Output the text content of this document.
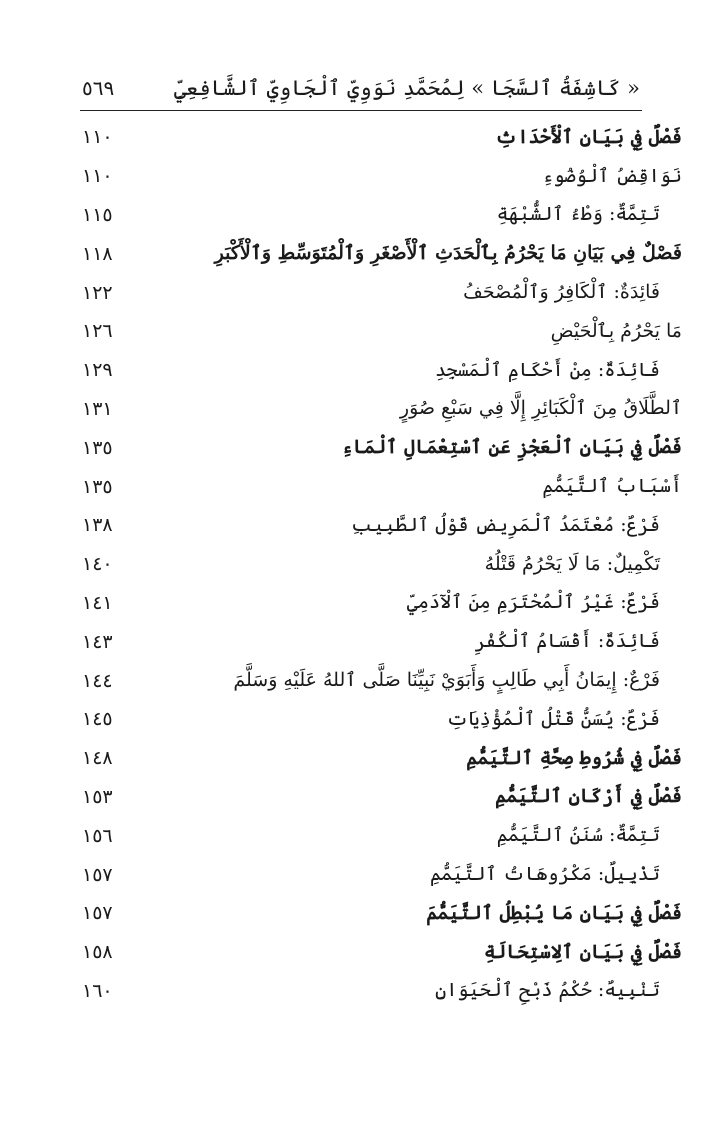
« كَاشِفَةُ ٱلسَّجَا » لِمُحَمَّدِ نَوَوِيِّ ٱلْجَاوِيِّ ٱلشَّافِعِيِّ
٥٦٩
فَصْلٌ فِي بَيَانِ ٱلْأَحْدَاثِ
١١٠
نَوَاقِضُ ٱلْوُضُوءِ
١١٠
تَتِمَّةٌ: وَطْءُ ٱلشُّبْهَةِ
١١٥
فَصْلٌ فِي بَيَانِ مَا يَحْرُمُ بِٱلْحَدَثِ ٱلْأَصْغَرِ وَٱلْمُتَوَسِّطِ وَٱلْأَكْبَرِ
١١٨
فَائِدَةٌ: ٱلْكَافِرُ وَٱلْمُصْحَفُ
١٢٢
مَا يَحْرُمُ بِٱلْحَيْضِ
١٢٦
فَائِدَةٌ: مِنْ أَحْكَامِ ٱلْمَسْجِدِ
١٢٩
ٱلطَّلَاقُ مِنَ ٱلْكَبَائِرِ إِلَّا فِي سَبْعِ صُوَرٍ
١٣١
فَصْلٌ فِي بَيَانِ ٱلْعَجْزِ عَنِ ٱسْتِعْمَالِ ٱلْمَاءِ
١٣٥
أَسْبَابُ ٱلتَّيَمُّمِ
١٣٥
فَرْعٌ: مُعْتَمَدُ ٱلْمَرِيضِ قَوْلُ ٱلطَّبِيبِ
١٣٨
تَكْمِيلٌ: مَا لَا يَحْرُمُ قَتْلُهُ
١٤٠
فَرْعٌ: غَيْرُ ٱلْمُحْتَرَمِ مِنَ ٱلْآدَمِيِّ
١٤١
فَائِدَةٌ: أَقْسَامُ ٱلْكُفْرِ
١٤٣
فَرْعٌ: إِيمَانُ أَبِي طَالِبٍ وَأَبَوَيْ نَبِيِّنَا صَلَّى ٱللهُ عَلَيْهِ وَسَلَّمَ
١٤٤
فَرْعٌ: يُسَنُّ قَتْلُ ٱلْمُؤْذِيَاتِ
١٤٥
فَصْلٌ فِي شُرُوطِ صِحَّةِ ٱلتَّيَمُّمِ
١٤٨
فَصْلٌ فِي أَرْكَانِ ٱلتَّيَمُّمِ
١٥٣
تَتِمَّةٌ: سُنَنُ ٱلتَّيَمُّمِ
١٥٦
تَذْيِيلٌ: مَكْرُوهَاتُ ٱلتَّيَمُّمِ
١٥٧
فَصْلٌ فِي بَيَانِ مَا يُبْطِلُ ٱلتَّيَمُّمَ
١٥٧
فَصْلٌ فِي بَيَانِ ٱلِاسْتِحَالَةِ
١٥٨
تَنْبِيهٌ: حُكْمُ ذَبْحِ ٱلْحَيَوَانِ
١٦٠
